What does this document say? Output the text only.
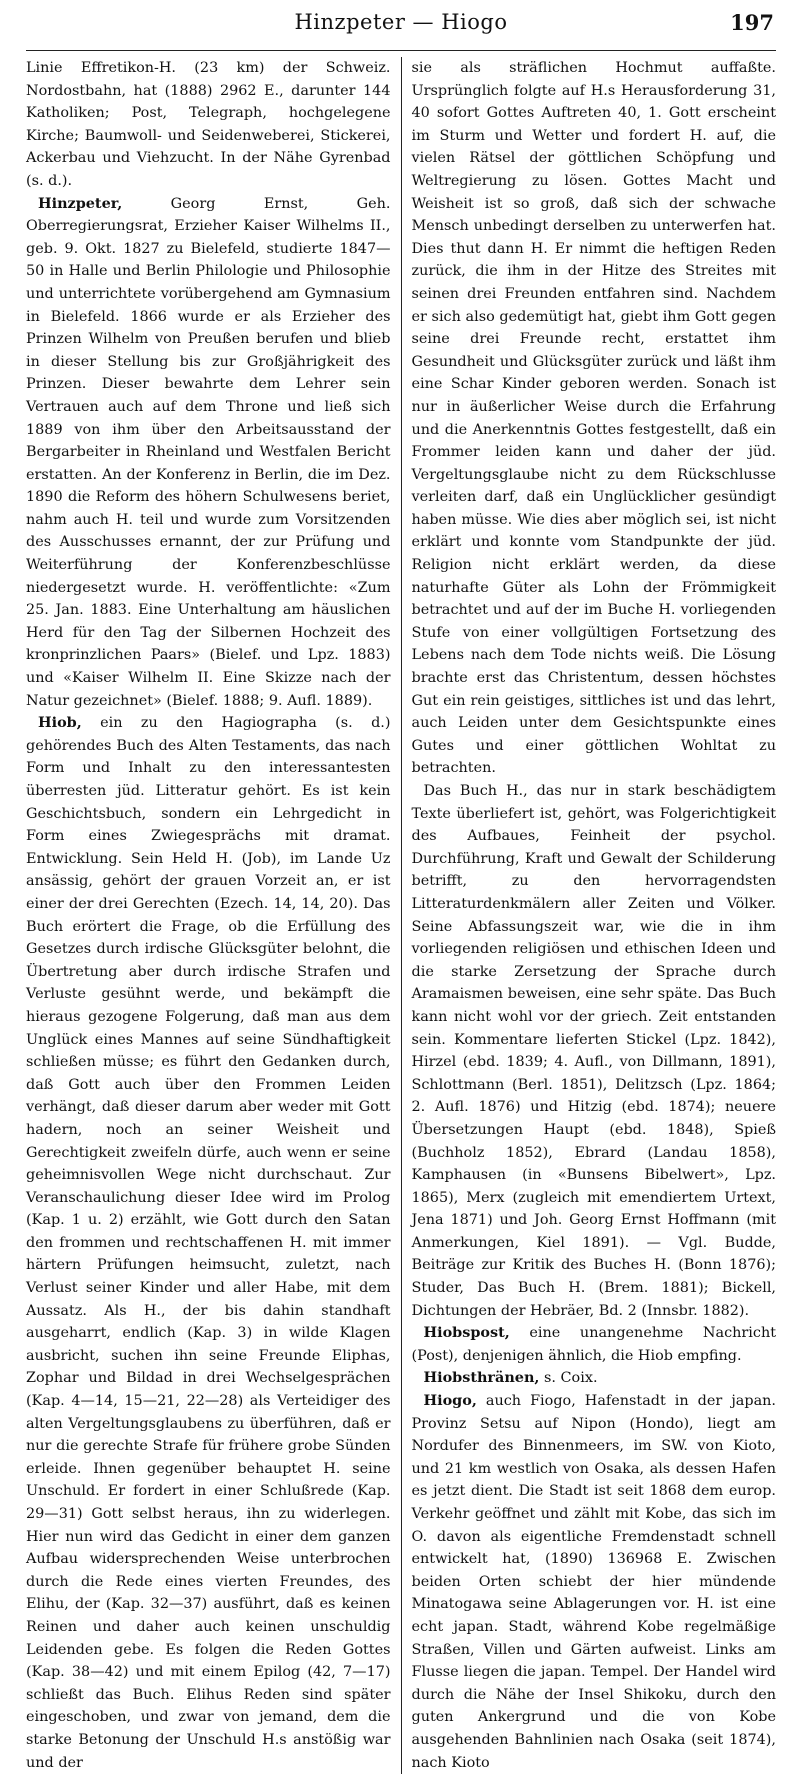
Hinzpeter — Hiogo	197

Linie Effretikon-H. (23 km) der Schweiz. Nordostbahn, hat (1888) 2962 E., darunter 144 Katholiken; Post, Telegraph, hochgelegene Kirche; Baumwoll- und Seidenweberei, Stickerei, Ackerbau und Viehzucht. In der Nähe Gyrenbad (s. d.).

Hinzpeter, Georg Ernst, Geh. Oberregierungsrat, Erzieher Kaiser Wilhelms II., geb. 9. Okt. 1827 zu Bielefeld, studierte 1847—50 in Halle und Berlin Philologie und Philosophie und unterrichtete vorübergehend am Gymnasium in Bielefeld. 1866 wurde er als Erzieher des Prinzen Wilhelm von Preußen berufen und blieb in dieser Stellung bis zur Großjährigkeit des Prinzen. Dieser bewahrte dem Lehrer sein Vertrauen auch auf dem Throne und ließ sich 1889 von ihm über den Arbeitsausstand der Bergarbeiter in Rheinland und Westfalen Bericht erstatten. An der Konferenz in Berlin, die im Dez. 1890 die Reform des höhern Schulwesens beriet, nahm auch H. teil und wurde zum Vorsitzenden des Ausschusses ernannt, der zur Prüfung und Weiterführung der Konferenzbeschlüsse niedergesetzt wurde. H. veröffentlichte: «Zum 25. Jan. 1883. Eine Unterhaltung am häuslichen Herd für den Tag der Silbernen Hochzeit des kronprinzlichen Paars» (Bielef. und Lpz. 1883) und «Kaiser Wilhelm II. Eine Skizze nach der Natur gezeichnet» (Bielef. 1888; 9. Aufl. 1889).

Hiob, ein zu den Hagiographa (s. d.) gehörendes Buch des Alten Testaments, das nach Form und Inhalt zu den interessantesten überresten jüd. Litteratur gehört. Es ist kein Geschichtsbuch, sondern ein Lehrgedicht in Form eines Zwiegesprächs mit dramat. Entwicklung. Sein Held H. (Job), im Lande Uz ansässig, gehört der grauen Vorzeit an, er ist einer der drei Gerechten (Ezech. 14, 14, 20). Das Buch erörtert die Frage, ob die Erfüllung des Gesetzes durch irdische Glücksgüter belohnt, die Übertretung aber durch irdische Strafen und Verluste gesühnt werde, und bekämpft die hieraus gezogene Folgerung, daß man aus dem Unglück eines Mannes auf seine Sündhaftigkeit schließen müsse; es führt den Gedanken durch, daß Gott auch über den Frommen Leiden verhängt, daß dieser darum aber weder mit Gott hadern, noch an seiner Weisheit und Gerechtigkeit zweifeln dürfe, auch wenn er seine geheimnisvollen Wege nicht durchschaut. Zur Veranschaulichung dieser Idee wird im Prolog (Kap. 1 u. 2) erzählt, wie Gott durch den Satan den frommen und rechtschaffenen H. mit immer härtern Prüfungen heimsucht, zuletzt, nach Verlust seiner Kinder und aller Habe, mit dem Aussatz. Als H., der bis dahin standhaft ausgeharrt, endlich (Kap. 3) in wilde Klagen ausbricht, suchen ihn seine Freunde Eliphas, Zophar und Bildad in drei Wechselgesprächen (Kap. 4—14, 15—21, 22—28) als Verteidiger des alten Vergeltungsglaubens zu überführen, daß er nur die gerechte Strafe für frühere grobe Sünden erleide. Ihnen gegenüber behauptet H. seine Unschuld. Er fordert in einer Schlußrede (Kap. 29—31) Gott selbst heraus, ihn zu widerlegen. Hier nun wird das Gedicht in einer dem ganzen Aufbau widersprechenden Weise unterbrochen durch die Rede eines vierten Freundes, des Elihu, der (Kap. 32—37) ausführt, daß es keinen Reinen und daher auch keinen unschuldig Leidenden gebe. Es folgen die Reden Gottes (Kap. 38—42) und mit einem Epilog (42, 7—17) schließt das Buch. Elihus Reden sind später eingeschoben, und zwar von jemand, dem die starke Betonung der Unschuld H.s anstößig war und der

sie als sträflichen Hochmut auffaßte. Ursprünglich folgte auf H.s Herausforderung 31, 40 sofort Gottes Auftreten 40, 1. Gott erscheint im Sturm und Wetter und fordert H. auf, die vielen Rätsel der göttlichen Schöpfung und Weltregierung zu lösen. Gottes Macht und Weisheit ist so groß, daß sich der schwache Mensch unbedingt derselben zu unterwerfen hat. Dies thut dann H. Er nimmt die heftigen Reden zurück, die ihm in der Hitze des Streites mit seinen drei Freunden entfahren sind. Nachdem er sich also gedemütigt hat, giebt ihm Gott gegen seine drei Freunde recht, erstattet ihm Gesundheit und Glücksgüter zurück und läßt ihm eine Schar Kinder geboren werden. Sonach ist nur in äußerlicher Weise durch die Erfahrung und die Anerkenntnis Gottes festgestellt, daß ein Frommer leiden kann und daher der jüd. Vergeltungsglaube nicht zu dem Rückschlusse verleiten darf, daß ein Unglücklicher gesündigt haben müsse. Wie dies aber möglich sei, ist nicht erklärt und konnte vom Standpunkte der jüd. Religion nicht erklärt werden, da diese naturhafte Güter als Lohn der Frömmigkeit betrachtet und auf der im Buche H. vorliegenden Stufe von einer vollgültigen Fortsetzung des Lebens nach dem Tode nichts weiß. Die Lösung brachte erst das Christentum, dessen höchstes Gut ein rein geistiges, sittliches ist und das lehrt, auch Leiden unter dem Gesichtspunkte eines Gutes und einer göttlichen Wohltat zu betrachten.

Das Buch H., das nur in stark beschädigtem Texte überliefert ist, gehört, was Folgerichtigkeit des Aufbaues, Feinheit der psychol. Durchführung, Kraft und Gewalt der Schilderung betrifft, zu den hervorragendsten Litteraturdenkmälern aller Zeiten und Völker. Seine Abfassungszeit war, wie die in ihm vorliegenden religiösen und ethischen Ideen und die starke Zersetzung der Sprache durch Aramaismen beweisen, eine sehr späte. Das Buch kann nicht wohl vor der griech. Zeit entstanden sein. Kommentare lieferten Stickel (Lpz. 1842), Hirzel (ebd. 1839; 4. Aufl., von Dillmann, 1891), Schlottmann (Berl. 1851), Delitzsch (Lpz. 1864; 2. Aufl. 1876) und Hitzig (ebd. 1874); neuere Übersetzungen Haupt (ebd. 1848), Spieß (Buchholz 1852), Ebrard (Landau 1858), Kamphausen (in «Bunsens Bibelwert», Lpz. 1865), Merx (zugleich mit emendiertem Urtext, Jena 1871) und Joh. Georg Ernst Hoffmann (mit Anmerkungen, Kiel 1891). — Vgl. Budde, Beiträge zur Kritik des Buches H. (Bonn 1876); Studer, Das Buch H. (Brem. 1881); Bickell, Dichtungen der Hebräer, Bd. 2 (Innsbr. 1882).

Hiobspost, eine unangenehme Nachricht (Post), denjenigen ähnlich, die Hiob empfing.

Hiobsthränen, s. Coix.

Hiogo, auch Fiogo, Hafenstadt in der japan. Provinz Setsu auf Nipon (Hondo), liegt am Nordufer des Binnenmeers, im SW. von Kioto, und 21 km westlich von Osaka, als dessen Hafen es jetzt dient. Die Stadt ist seit 1868 dem europ. Verkehr geöffnet und zählt mit Kobe, das sich im O. davon als eigentliche Fremdenstadt schnell entwickelt hat, (1890) 136968 E. Zwischen beiden Orten schiebt der hier mündende Minatogawa seine Ablagerungen vor. H. ist eine echt japan. Stadt, während Kobe regelmäßige Straßen, Villen und Gärten aufweist. Links am Flusse liegen die japan. Tempel. Der Handel wird durch die Nähe der Insel Shikoku, durch den guten Ankergrund und die von Kobe ausgehenden Bahnlinien nach Osaka (seit 1874), nach Kioto
